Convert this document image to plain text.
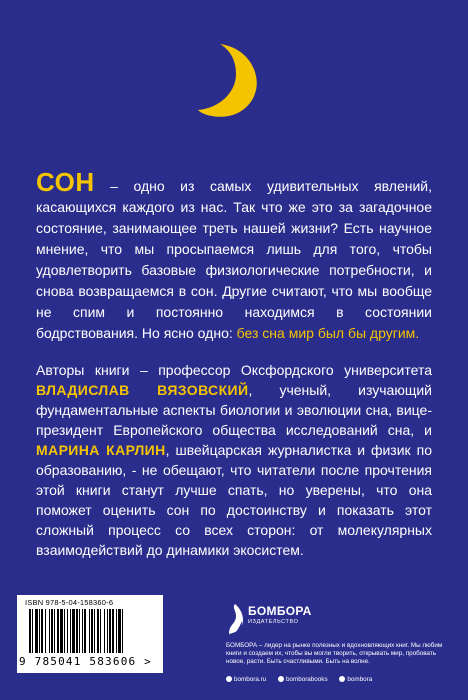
СОН – одно из самых удивительных явлений, касающихся каждого из нас. Так что же это за загадочное состояние, занимающее треть нашей жизни? Есть научное мнение, что мы просыпаемся лишь для того, чтобы удовлетворить базовые физиологические потребности, и снова возвращаемся в сон. Другие считают, что мы вообще не спим и постоянно находимся в состоянии бодрствования. Но ясно одно: без сна мир был бы другим.
Авторы книги – профессор Оксфордского университета ВЛАДИСЛАВ ВЯЗОВСКИЙ, ученый, изучающий фундаментальные аспекты биологии и эволюции сна, вице-президент Европейского общества исследований сна, и МАРИНА КАРЛИН, швейцарская журналистка и физик по образованию, - не обещают, что читатели после прочтения этой книги станут лучше спать, но уверены, что она поможет оценить сон по достоинству и показать этот сложный процесс со всех сторон: от молекулярных взаимодействий до динамики экосистем.
ISBN 978-5-04-158360-6
9 785041 583606 >
БОМБОРА
ИЗДАТЕЛЬСТВО
БОМБОРА – лидер на рынке полезных и вдохновляющих книг. Мы любим книги и создаем их, чтобы вы могли творить, открывать мир, пробовать новое, расти. Быть счастливыми. Быть на волне.
bombora.ru	bomborabooks	bombora
